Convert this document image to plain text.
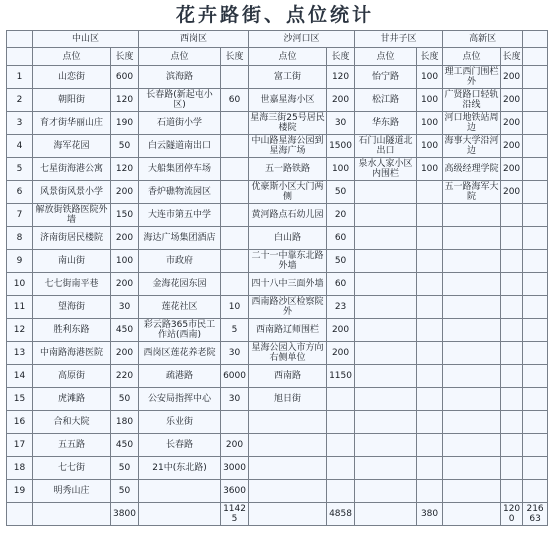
花卉路街、点位统计
	中山区		西岗区		沙河口区		甘井子区		高新区		
	点位	长度	点位	长度	点位	长度	点位	长度	点位	长度	
1	山恋街	600	滨海路		富工街	120	怡宁路	100	理工西门围栏外	200	
2	朝阳街	120	长春路(新起屯小区)	60	世嘉星海小区	200	松江路	100	广贤路口轻轨沿线	200	
3	育才街华丽山庄	190	石道街小学		星海三街25号居民楼院	30	华东路	100	河口地铁站周边	200	
4	海军花园	50	白云隧道南出口		中山路星海公园到星海广场	1500	石门山隧道北出口	100	海事大学沿河边	200	
5	七星街海港公寓	120	大船集团停车场		五一路铁路	100	泉水人家小区内围栏	100	高级经理学院	200	
6	风景街风景小学	200	香炉礁物流园区		优豪斯小区大门两侧	50			五一路海军大院	200	
7	解放街铁路医院外墙	150	大连市第五中学		黄河路点石幼儿园	20					
8	济南街居民楼院	200	海达广场集团酒店		白山路	60					
9	南山街	100	市政府		二十一中靠东北路外墙	50					
10	七七街南平巷	200	金海花园东园		四十八中三面外墙	60					
11	望海街	30	莲花社区	10	西南路沙区检察院外	23					
12	胜利东路	450	彩云路365市民工作站(西南)	5	西南路辽师围栏	200					
13	中南路海港医院	200	西岗区莲花养老院	30	星海公园入市方向右侧单位	200					
14	高原街	220	疏港路	6000	西南路	1150					
15	虎滩路	50	公安局指挥中心	30	旭日街						
16	合和大院	180	乐业街								
17	五五路	450	长春路	200							
18	七七街	50	21中(东北路)	3000							
19	明秀山庄	50		3600							
		3800		11425		4858		380		1200	21663
